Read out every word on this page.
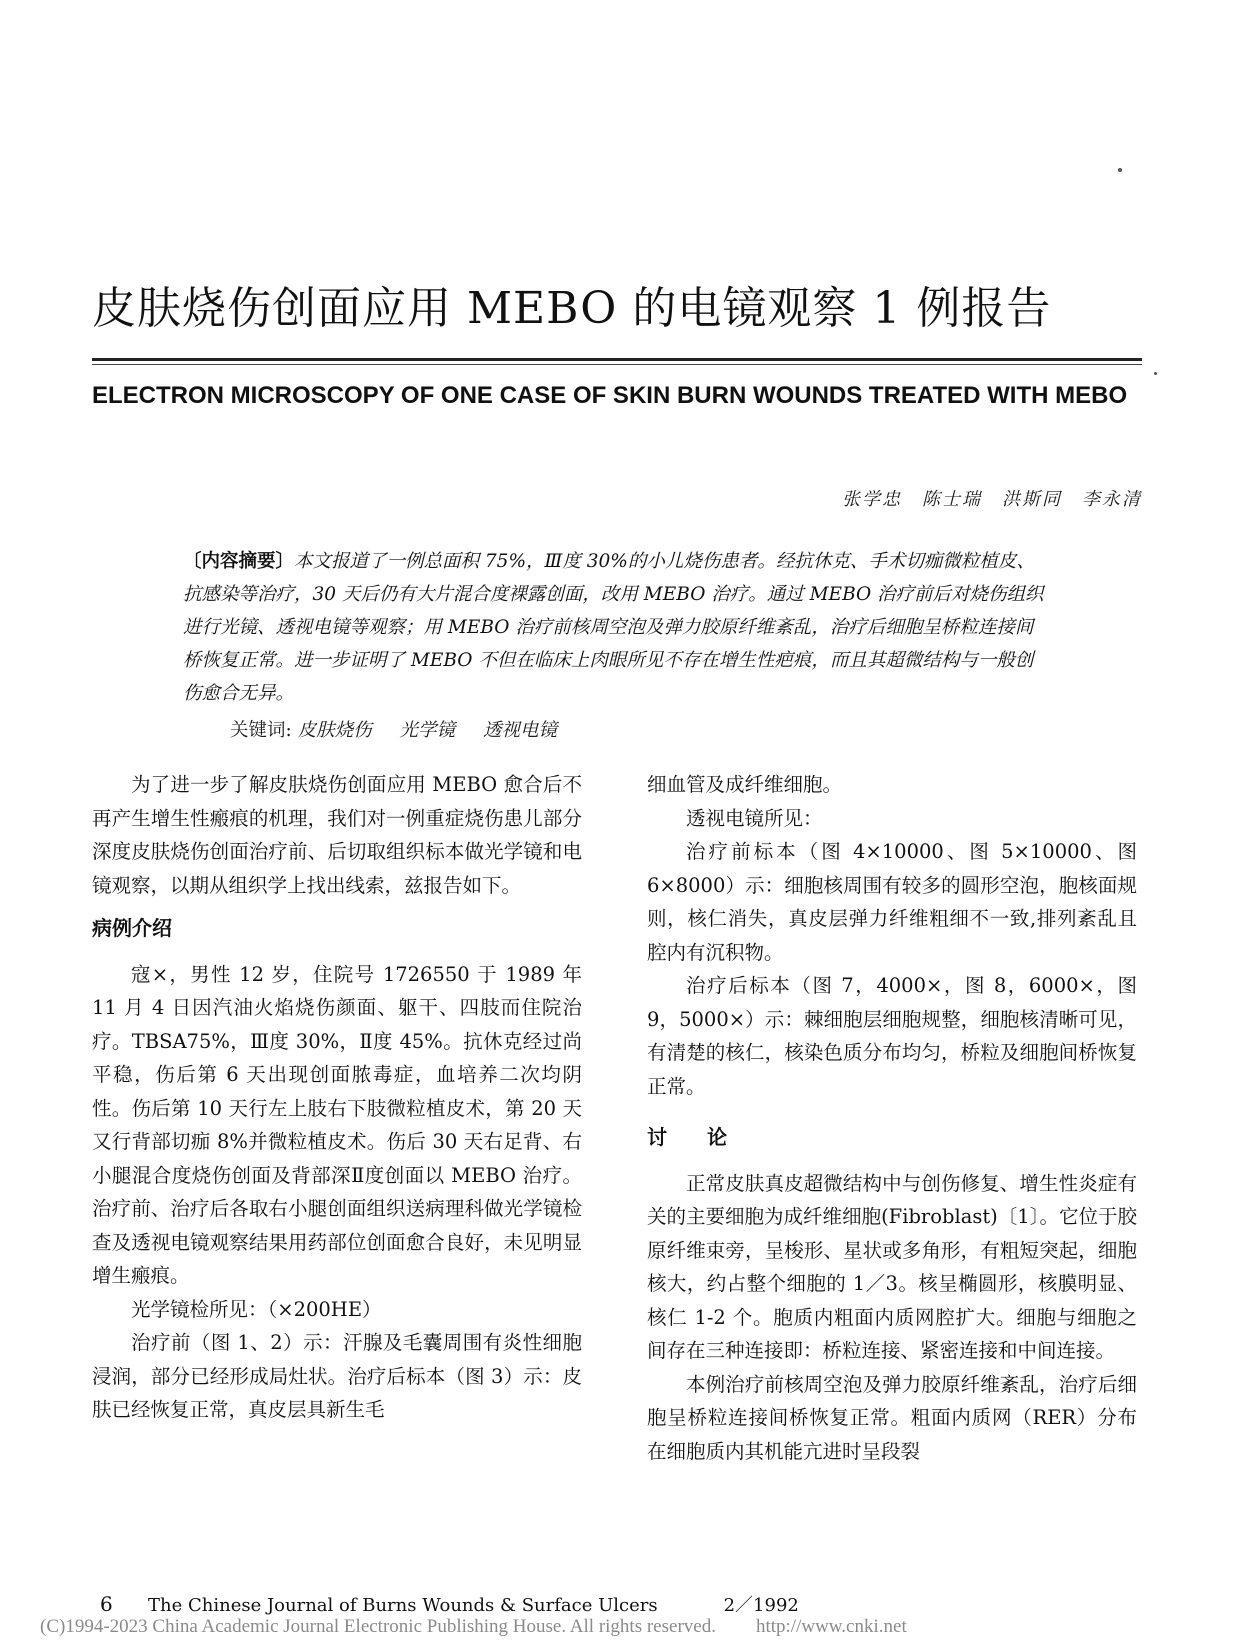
皮肤烧伤创面应用 MEBO 的电镜观察 1 例报告
ELECTRON MICROSCOPY OF ONE CASE OF SKIN BURN WOUNDS TREATED WITH MEBO
张学忠　陈士瑞　洪斯同　李永清
〔内容摘要〕本文报道了一例总面积 75%，Ⅲ度 30%的小儿烧伤患者。经抗休克、手术切痂微粒植皮、抗感染等治疗，30 天后仍有大片混合度裸露创面，改用 MEBO 治疗。通过 MEBO 治疗前后对烧伤组织进行光镜、透视电镜等观察；用 MEBO 治疗前核周空泡及弹力胶原纤维紊乱，治疗后细胞呈桥粒连接间桥恢复正常。进一步证明了 MEBO 不但在临床上肉眼所见不存在增生性疤痕，而且其超微结构与一般创伤愈合无异。
关键词: 皮肤烧伤 光学镜 透视电镜

为了进一步了解皮肤烧伤创面应用 MEBO 愈合后不再产生增生性瘢痕的机理，我们对一例重症烧伤患儿部分深度皮肤烧伤创面治疗前、后切取组织标本做光学镜和电镜观察，以期从组织学上找出线索，兹报告如下。

病例介绍

寇×，男性 12 岁，住院号 1726550 于 1989 年 11 月 4 日因汽油火焰烧伤颜面、躯干、四肢而住院治疗。TBSA75%，Ⅲ度 30%，Ⅱ度 45%。抗休克经过尚平稳，伤后第 6 天出现创面脓毒症，血培养二次均阴性。伤后第 10 天行左上肢右下肢微粒植皮术，第 20 天又行背部切痂 8%并微粒植皮术。伤后 30 天右足背、右小腿混合度烧伤创面及背部深Ⅱ度创面以 MEBO 治疗。治疗前、治疗后各取右小腿创面组织送病理科做光学镜检查及透视电镜观察结果用药部位创面愈合良好，未见明显增生瘢痕。

光学镜检所见：（×200HE）

治疗前（图 1、2）示：汗腺及毛囊周围有炎性细胞浸润，部分已经形成局灶状。治疗后标本（图 3）示：皮肤已经恢复正常，真皮层具新生毛

细血管及成纤维细胞。

透视电镜所见：

治疗前标本（图 4×10000、图 5×10000、图 6×8000）示：细胞核周围有较多的圆形空泡，胞核面规则，核仁消失，真皮层弹力纤维粗细不一致,排列紊乱且腔内有沉积物。

治疗后标本（图 7，4000×，图 8，6000×，图 9，5000×）示：棘细胞层细胞规整，细胞核清晰可见，有清楚的核仁，核染色质分布均匀，桥粒及细胞间桥恢复正常。

讨　　论

正常皮肤真皮超微结构中与创伤修复、增生性炎症有关的主要细胞为成纤维细胞(Fibroblast)〔1〕。它位于胶原纤维束旁，呈梭形、星状或多角形，有粗短突起，细胞核大，约占整个细胞的 1／3。核呈椭圆形，核膜明显、核仁 1-2 个。胞质内粗面内质网腔扩大。细胞与细胞之间存在三种连接即：桥粒连接、紧密连接和中间连接。

本例治疗前核周空泡及弹力胶原纤维紊乱，治疗后细胞呈桥粒连接间桥恢复正常。粗面内质网（RER）分布在细胞质内其机能亢进时呈段裂

6 The Chinese Journal of Burns Wounds & Surface Ulcers	2／1992
(C)1994-2023 China Academic Journal Electronic Publishing House. All rights reserved. http://www.cnki.net
